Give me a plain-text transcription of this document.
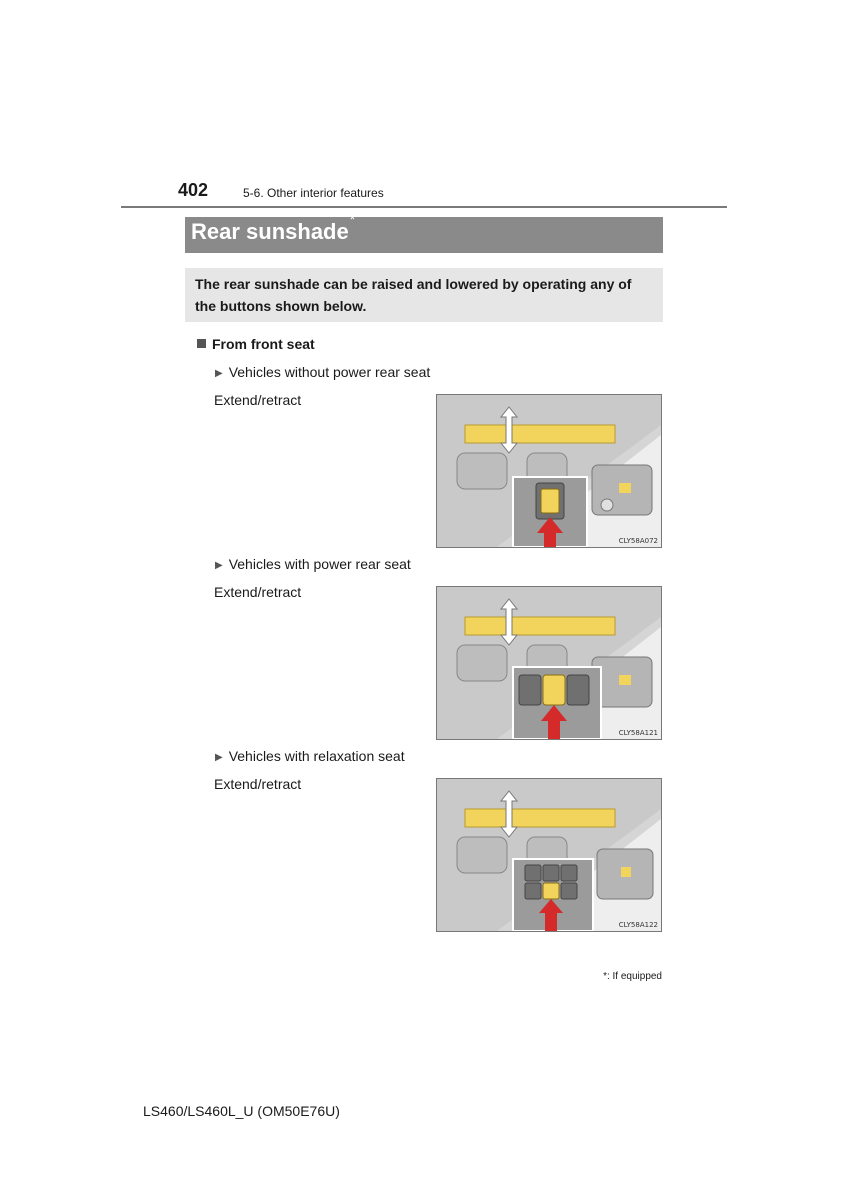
402	5-6. Other interior features
Rear sunshade*
The rear sunshade can be raised and lowered by operating any of the buttons shown below.
From front seat
▶ Vehicles without power rear seat
Extend/retract
CLY58A072
▶ Vehicles with power rear seat
Extend/retract
CLY58A121
▶ Vehicles with relaxation seat
Extend/retract
CLY58A122
*: If equipped
LS460/LS460L_U (OM50E76U)
